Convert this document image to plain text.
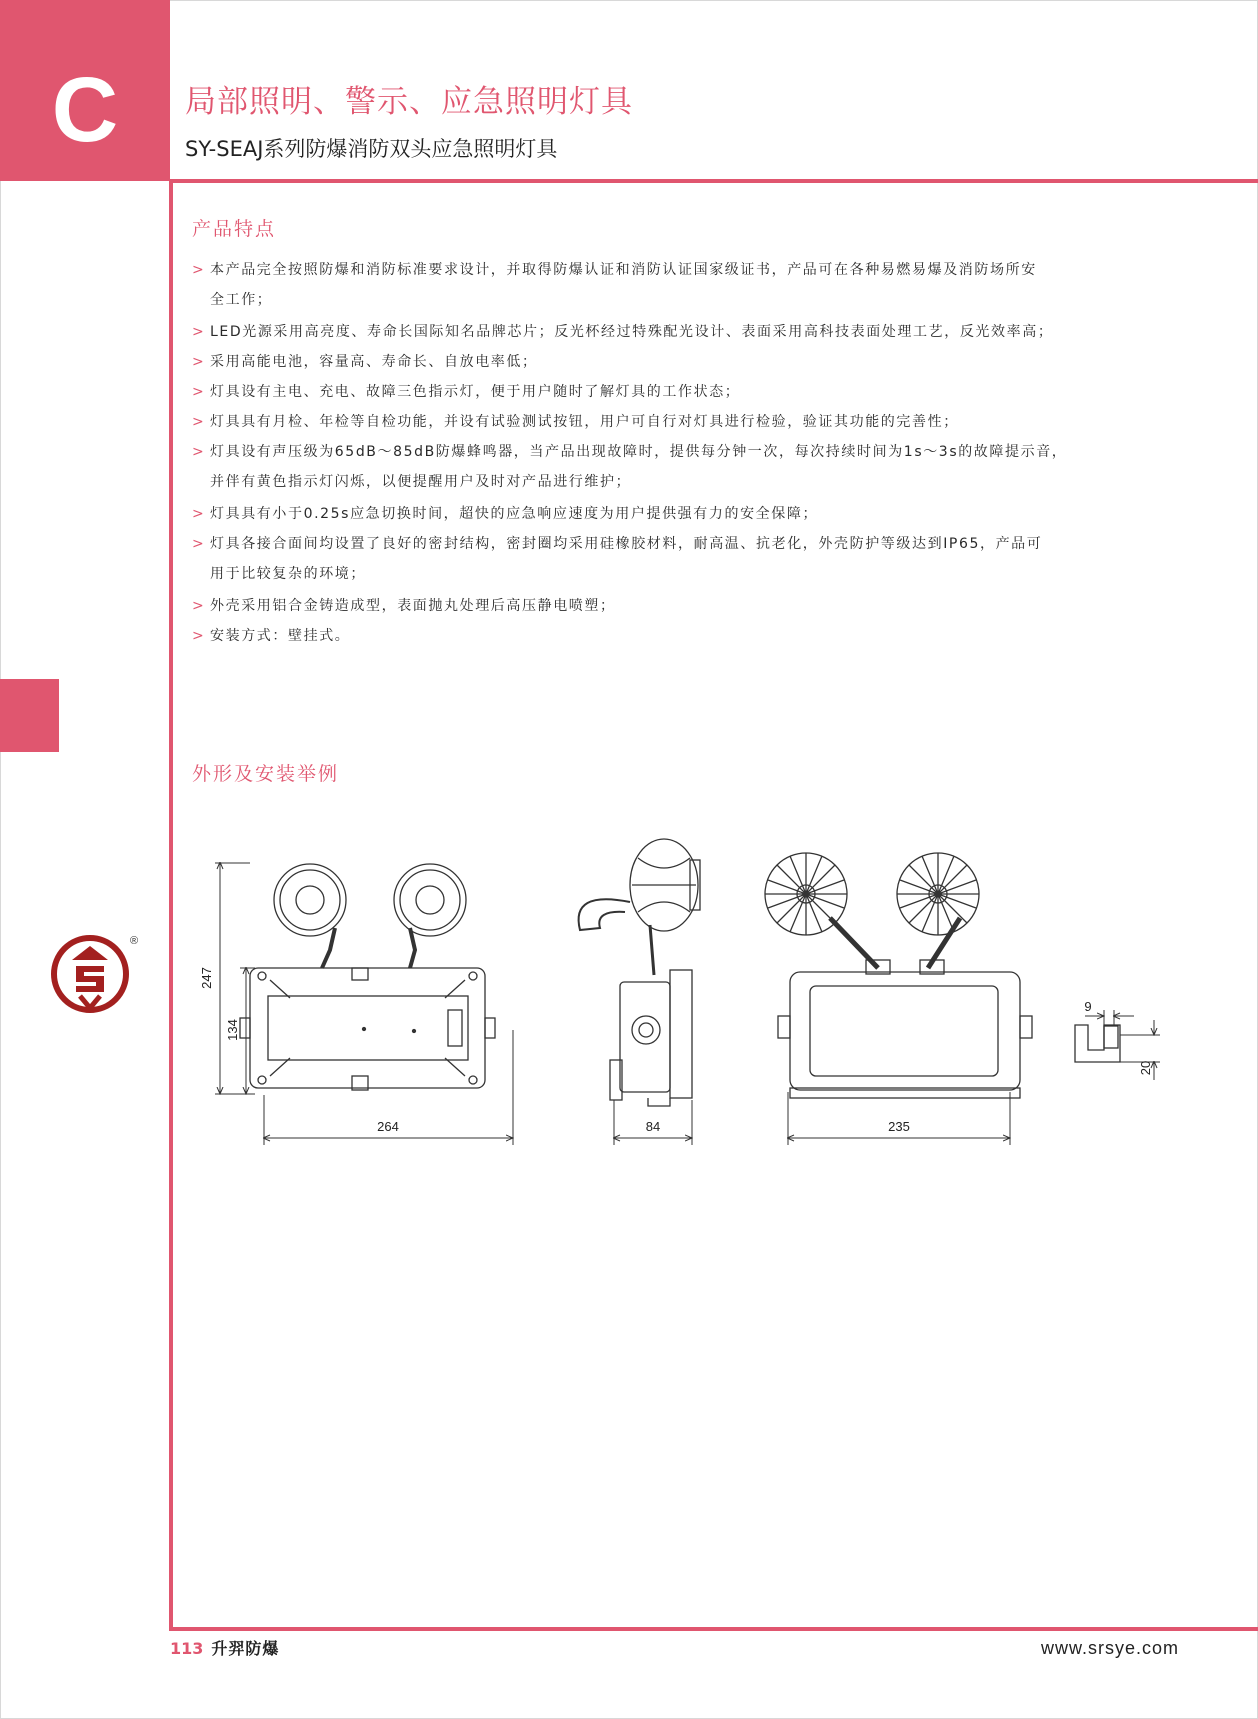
C	局部照明、警示、应急照明灯具
SY-SEAJ系列防爆消防双头应急照明灯具
产品特点
> 本产品完全按照防爆和消防标准要求设计，并取得防爆认证和消防认证国家级证书，产品可在各种易燃易爆及消防场所安
全工作；
> LED光源采用高亮度、寿命长国际知名品牌芯片；反光杯经过特殊配光设计、表面采用高科技表面处理工艺，反光效率高；
> 采用高能电池，容量高、寿命长、自放电率低；
> 灯具设有主电、充电、故障三色指示灯，便于用户随时了解灯具的工作状态；
> 灯具具有月检、年检等自检功能，并设有试验测试按钮，用户可自行对灯具进行检验，验证其功能的完善性；
> 灯具设有声压级为65dB～85dB防爆蜂鸣器，当产品出现故障时，提供每分钟一次，每次持续时间为1s～3s的故障提示音，
并伴有黄色指示灯闪烁，以便提醒用户及时对产品进行维护；
> 灯具具有小于0.25s应急切换时间，超快的应急响应速度为用户提供强有力的安全保障；
> 灯具各接合面间均设置了良好的密封结构，密封圈均采用硅橡胶材料，耐高温、抗老化，外壳防护等级达到IP65，产品可
用于比较复杂的环境；
> 外壳采用铝合金铸造成型，表面抛丸处理后高压静电喷塑；
> 安装方式：壁挂式。
外形及安装举例
®
247
134
264	84	235
9
20
113 升羿防爆	www.srsye.com
